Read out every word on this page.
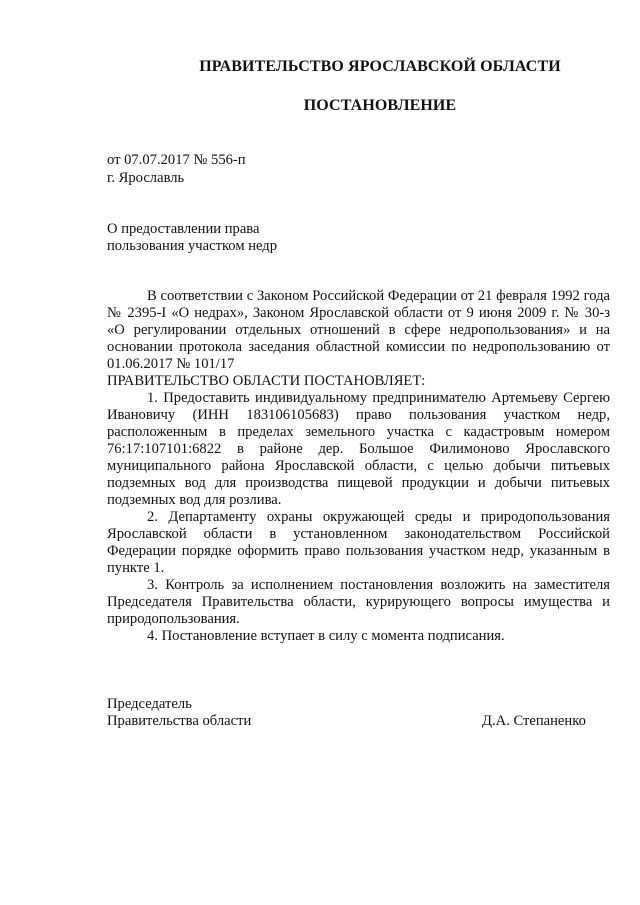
ПРАВИТЕЛЬСТВО ЯРОСЛАВСКОЙ ОБЛАСТИ
ПОСТАНОВЛЕНИЕ
от 07.07.2017 № 556-п
г. Ярославль
О предоставлении права
пользования участком недр

В соответствии с Законом Российской Федерации от 21 февраля 1992 года № 2395-I «О недрах», Законом Ярославской области от 9 июня 2009 г. № 30-з «О регулировании отдельных отношений в сфере недропользования» и на основании протокола заседания областной комиссии по недропользованию от 01.06.2017 № 101/17

ПРАВИТЕЛЬСТВО ОБЛАСТИ ПОСТАНОВЛЯЕТ:

1. Предоставить индивидуальному предпринимателю Артемьеву Сергею Ивановичу (ИНН 183106105683) право пользования участком недр, расположенным в пределах земельного участка с кадастровым номером 76:17:107101:6822 в районе дер. Большое Филимоново Ярославского муниципального района Ярославской области, с целью добычи питьевых подземных вод для производства пищевой продукции и добычи питьевых подземных вод для розлива.

2. Департаменту охраны окружающей среды и природопользования Ярославской области в установленном законодательством Российской Федерации порядке оформить право пользования участком недр, указанным в пункте 1.

3. Контроль за исполнением постановления возложить на заместителя Председателя Правительства области, курирующего вопросы имущества и природопользования.

4. Постановление вступает в силу с момента подписания.

Председатель
Правительства области	Д.А. Степаненко
